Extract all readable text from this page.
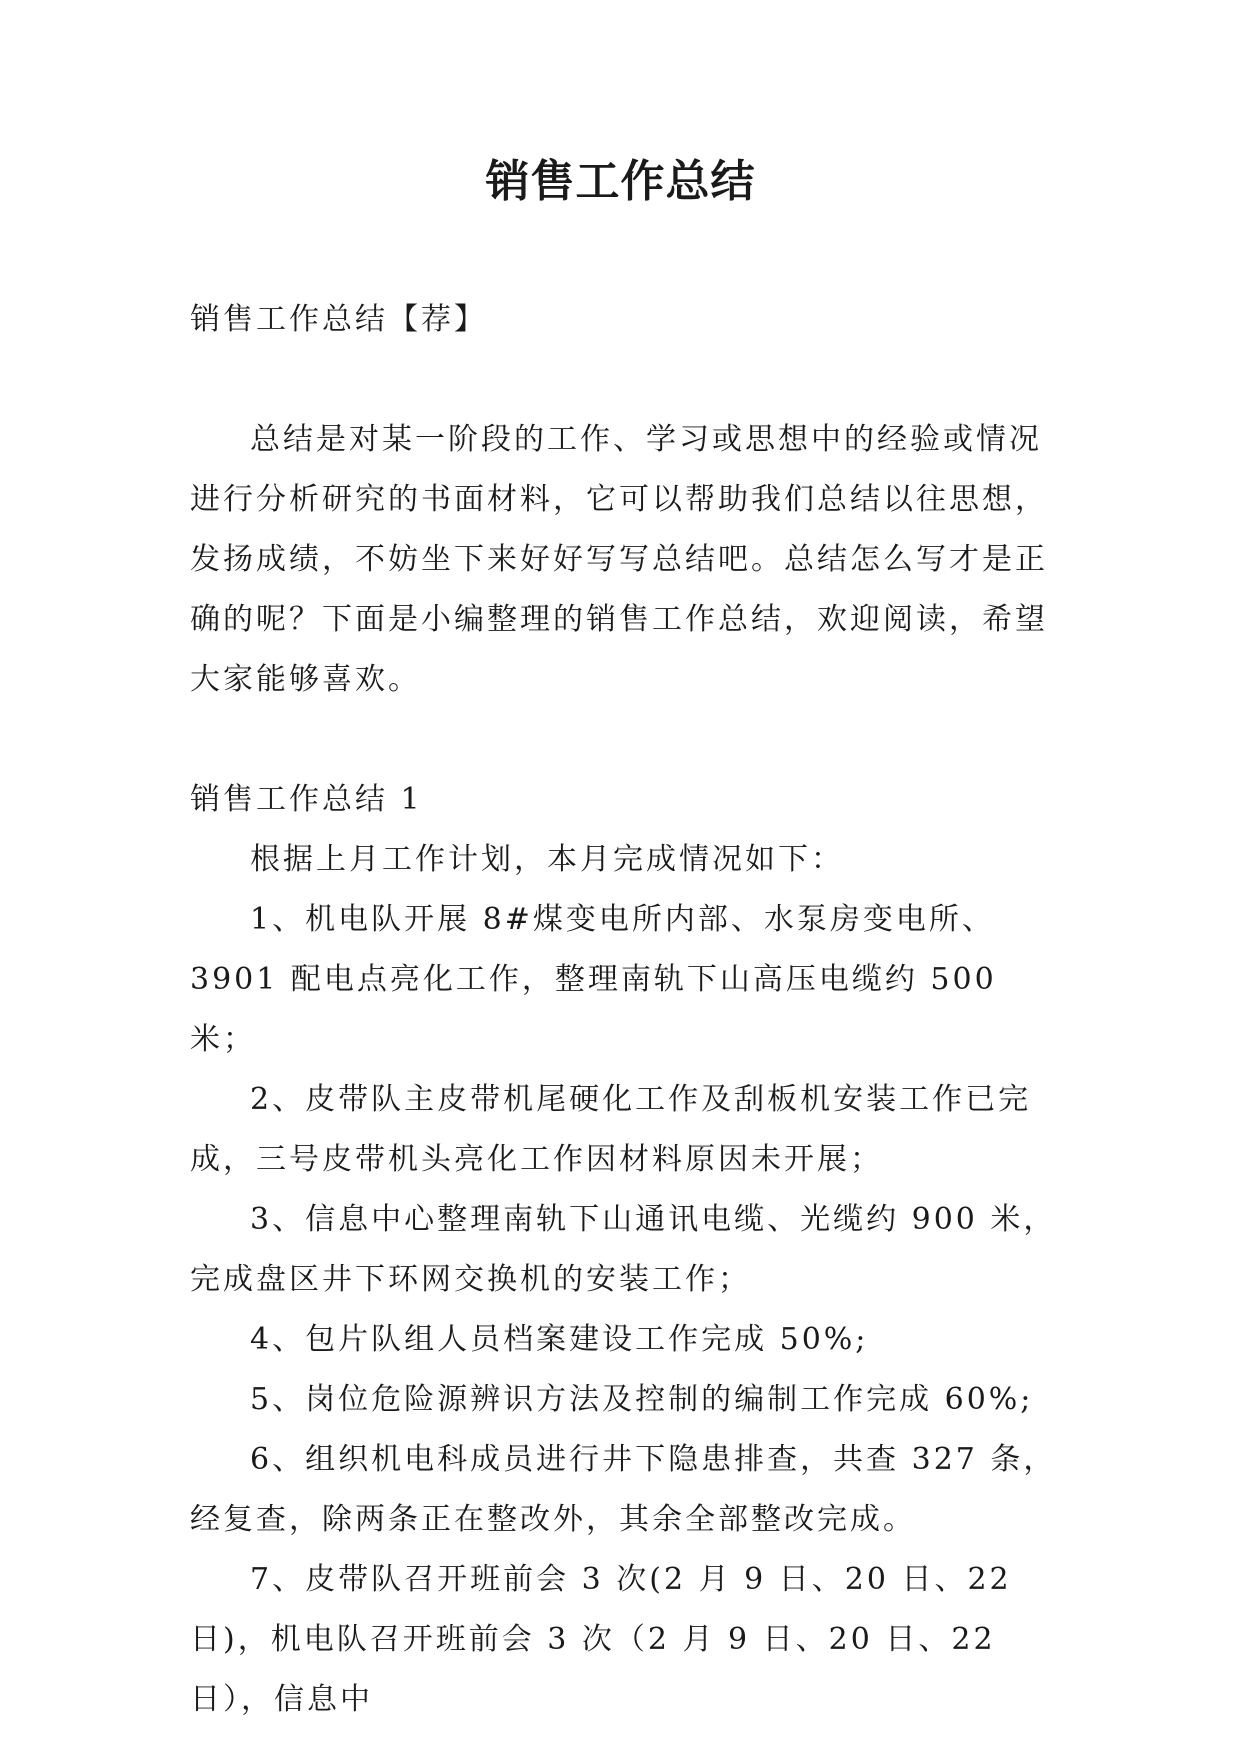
销售工作总结

销售工作总结【荐】

总结是对某一阶段的工作、学习或思想中的经验或情况进行分析研究的书面材料，它可以帮助我们总结以往思想，发扬成绩，不妨坐下来好好写写总结吧。总结怎么写才是正确的呢？下面是小编整理的销售工作总结，欢迎阅读，希望大家能够喜欢。

销售工作总结 1

根据上月工作计划，本月完成情况如下：

1、机电队开展 8#煤变电所内部、水泵房变电所、3901 配电点亮化工作，整理南轨下山高压电缆约 500 米；

2、皮带队主皮带机尾硬化工作及刮板机安装工作已完成，三号皮带机头亮化工作因材料原因未开展；

3、信息中心整理南轨下山通讯电缆、光缆约 900 米，完成盘区井下环网交换机的安装工作；

4、包片队组人员档案建设工作完成 50%;

5、岗位危险源辨识方法及控制的编制工作完成 60%;

6、组织机电科成员进行井下隐患排查，共查 327 条，经复查，除两条正在整改外，其余全部整改完成。

7、皮带队召开班前会 3 次(2 月 9 日、20 日、22 日)，机电队召开班前会 3 次（2 月 9 日、20 日、22 日），信息中
